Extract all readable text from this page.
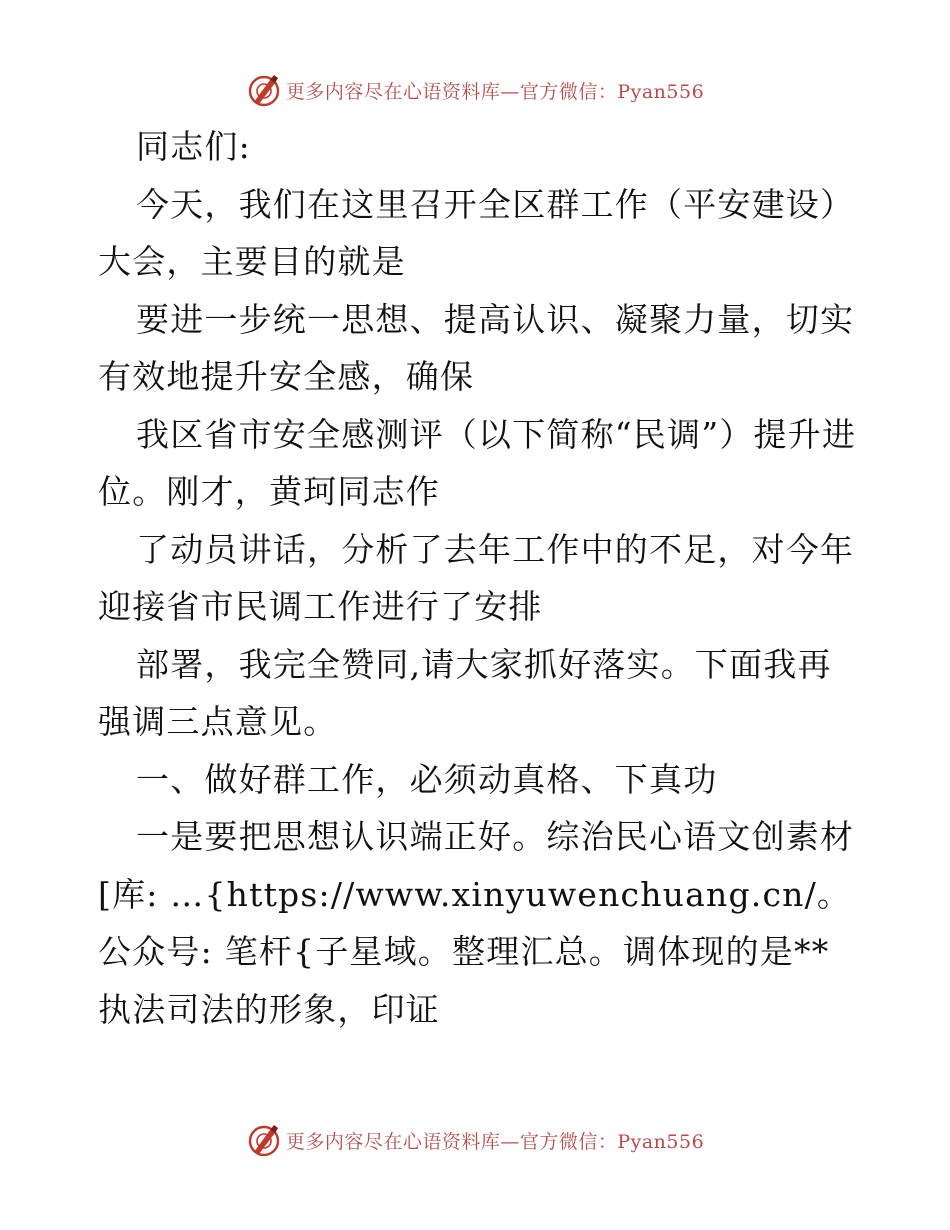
更多内容尽在心语资料库—官方微信：Pyan556

同志们:

今天，我们在这里召开全区群工作（平安建设）大会，主要目的就是

要进一步统一思想、提高认识、凝聚力量，切实有效地提升安全感，确保

我区省市安全感测评（以下简称“民调”）提升进位。刚才，黄珂同志作

了动员讲话，分析了去年工作中的不足，对今年迎接省市民调工作进行了安排

部署，我完全赞同,请大家抓好落实。下面我再强调三点意见。

一、做好群工作，必须动真格、下真功

一是要把思想认识端正好。综治民心语文创素材[库: …{https://www.xinyuwenchuang.cn/。公众号: 笔杆{子星域。整理汇总。调体现的是**执法司法的形象，印证

更多内容尽在心语资料库—官方微信：Pyan556
